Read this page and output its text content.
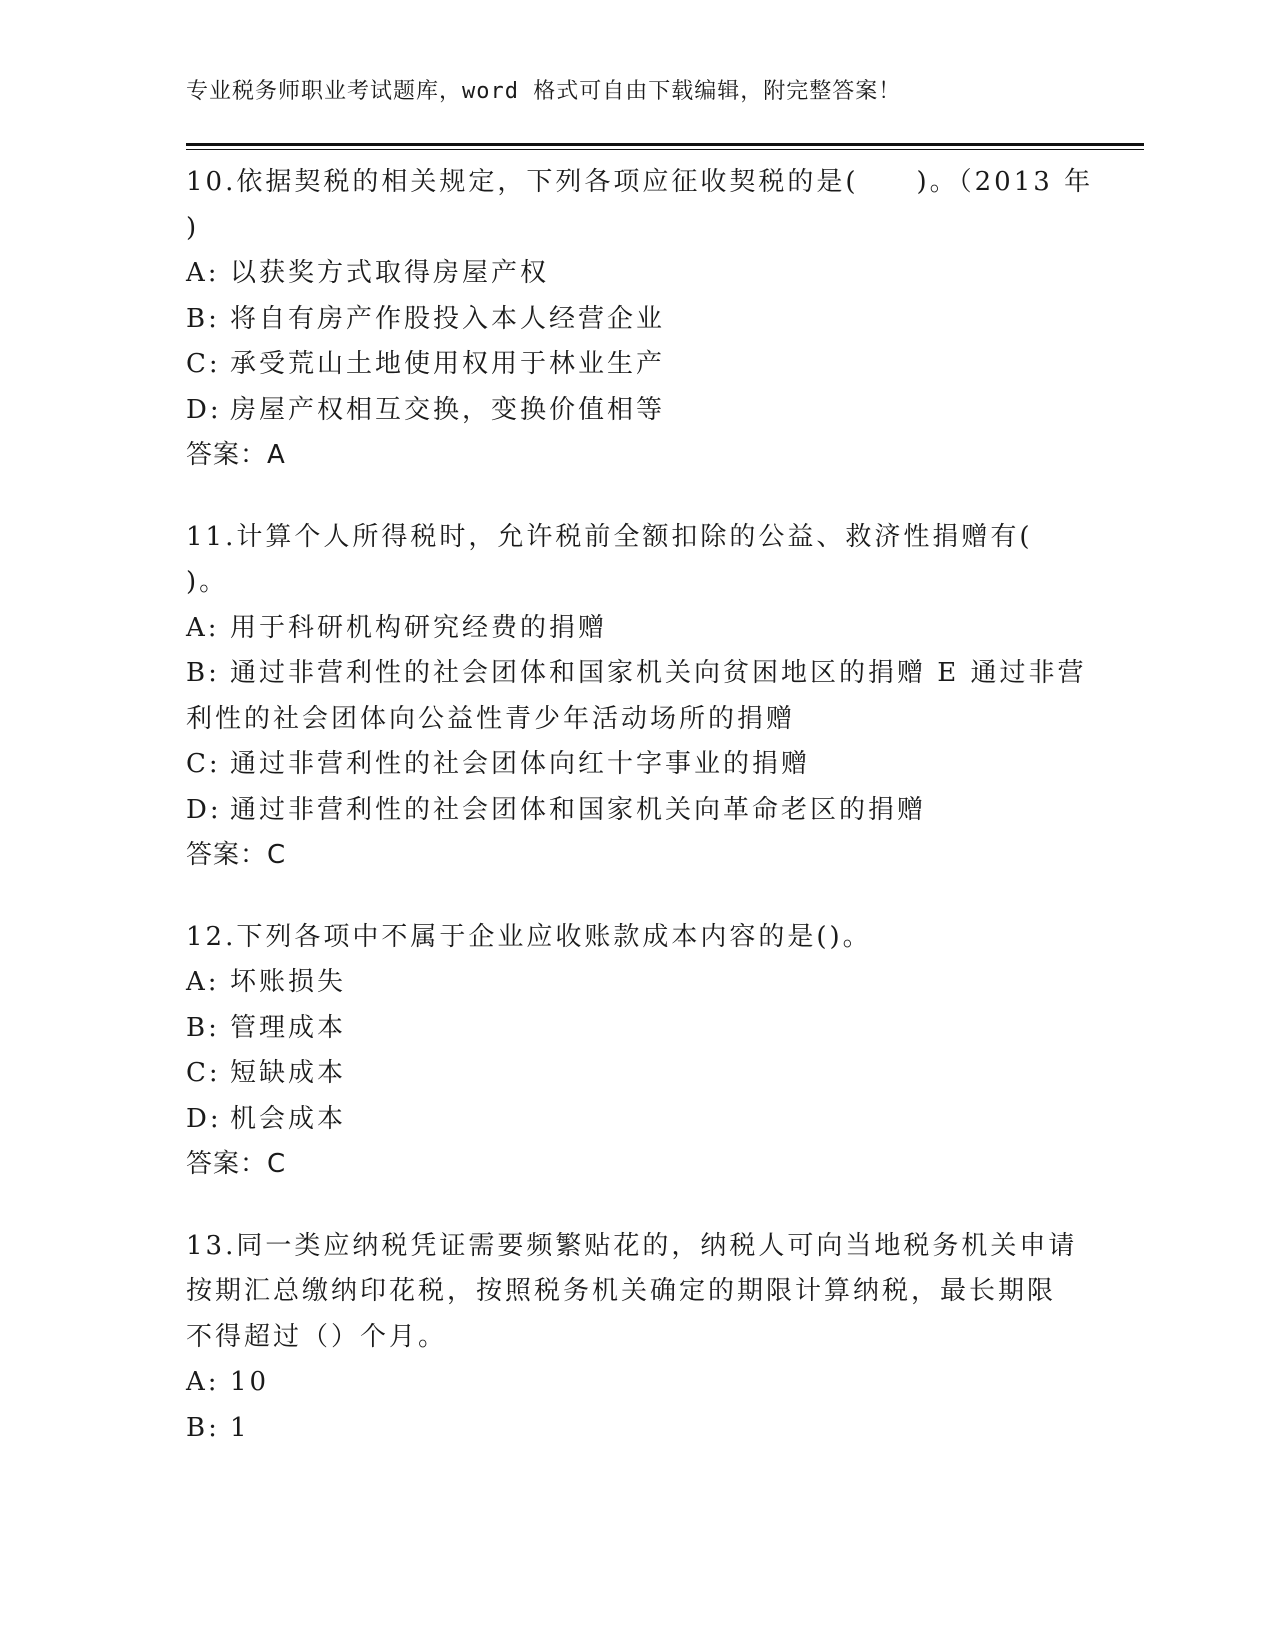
专业税务师职业考试题库，word 格式可自由下载编辑，附完整答案！
10.依据契税的相关规定，下列各项应征收契税的是(　　)。（2013 年
)
A: 以获奖方式取得房屋产权
B: 将自有房产作股投入本人经营企业
C: 承受荒山土地使用权用于林业生产
D: 房屋产权相互交换，变换价值相等
答案：A
11.计算个人所得税时，允许税前全额扣除的公益、救济性捐赠有(
)。
A: 用于科研机构研究经费的捐赠
B: 通过非营利性的社会团体和国家机关向贫困地区的捐赠 E 通过非营
利性的社会团体向公益性青少年活动场所的捐赠
C: 通过非营利性的社会团体向红十字事业的捐赠
D: 通过非营利性的社会团体和国家机关向革命老区的捐赠
答案：C
12.下列各项中不属于企业应收账款成本内容的是()。
A: 坏账损失
B: 管理成本
C: 短缺成本
D: 机会成本
答案：C
13.同一类应纳税凭证需要频繁贴花的，纳税人可向当地税务机关申请
按期汇总缴纳印花税，按照税务机关确定的期限计算纳税，最长期限
不得超过（）个月。
A: 10
B: 1
